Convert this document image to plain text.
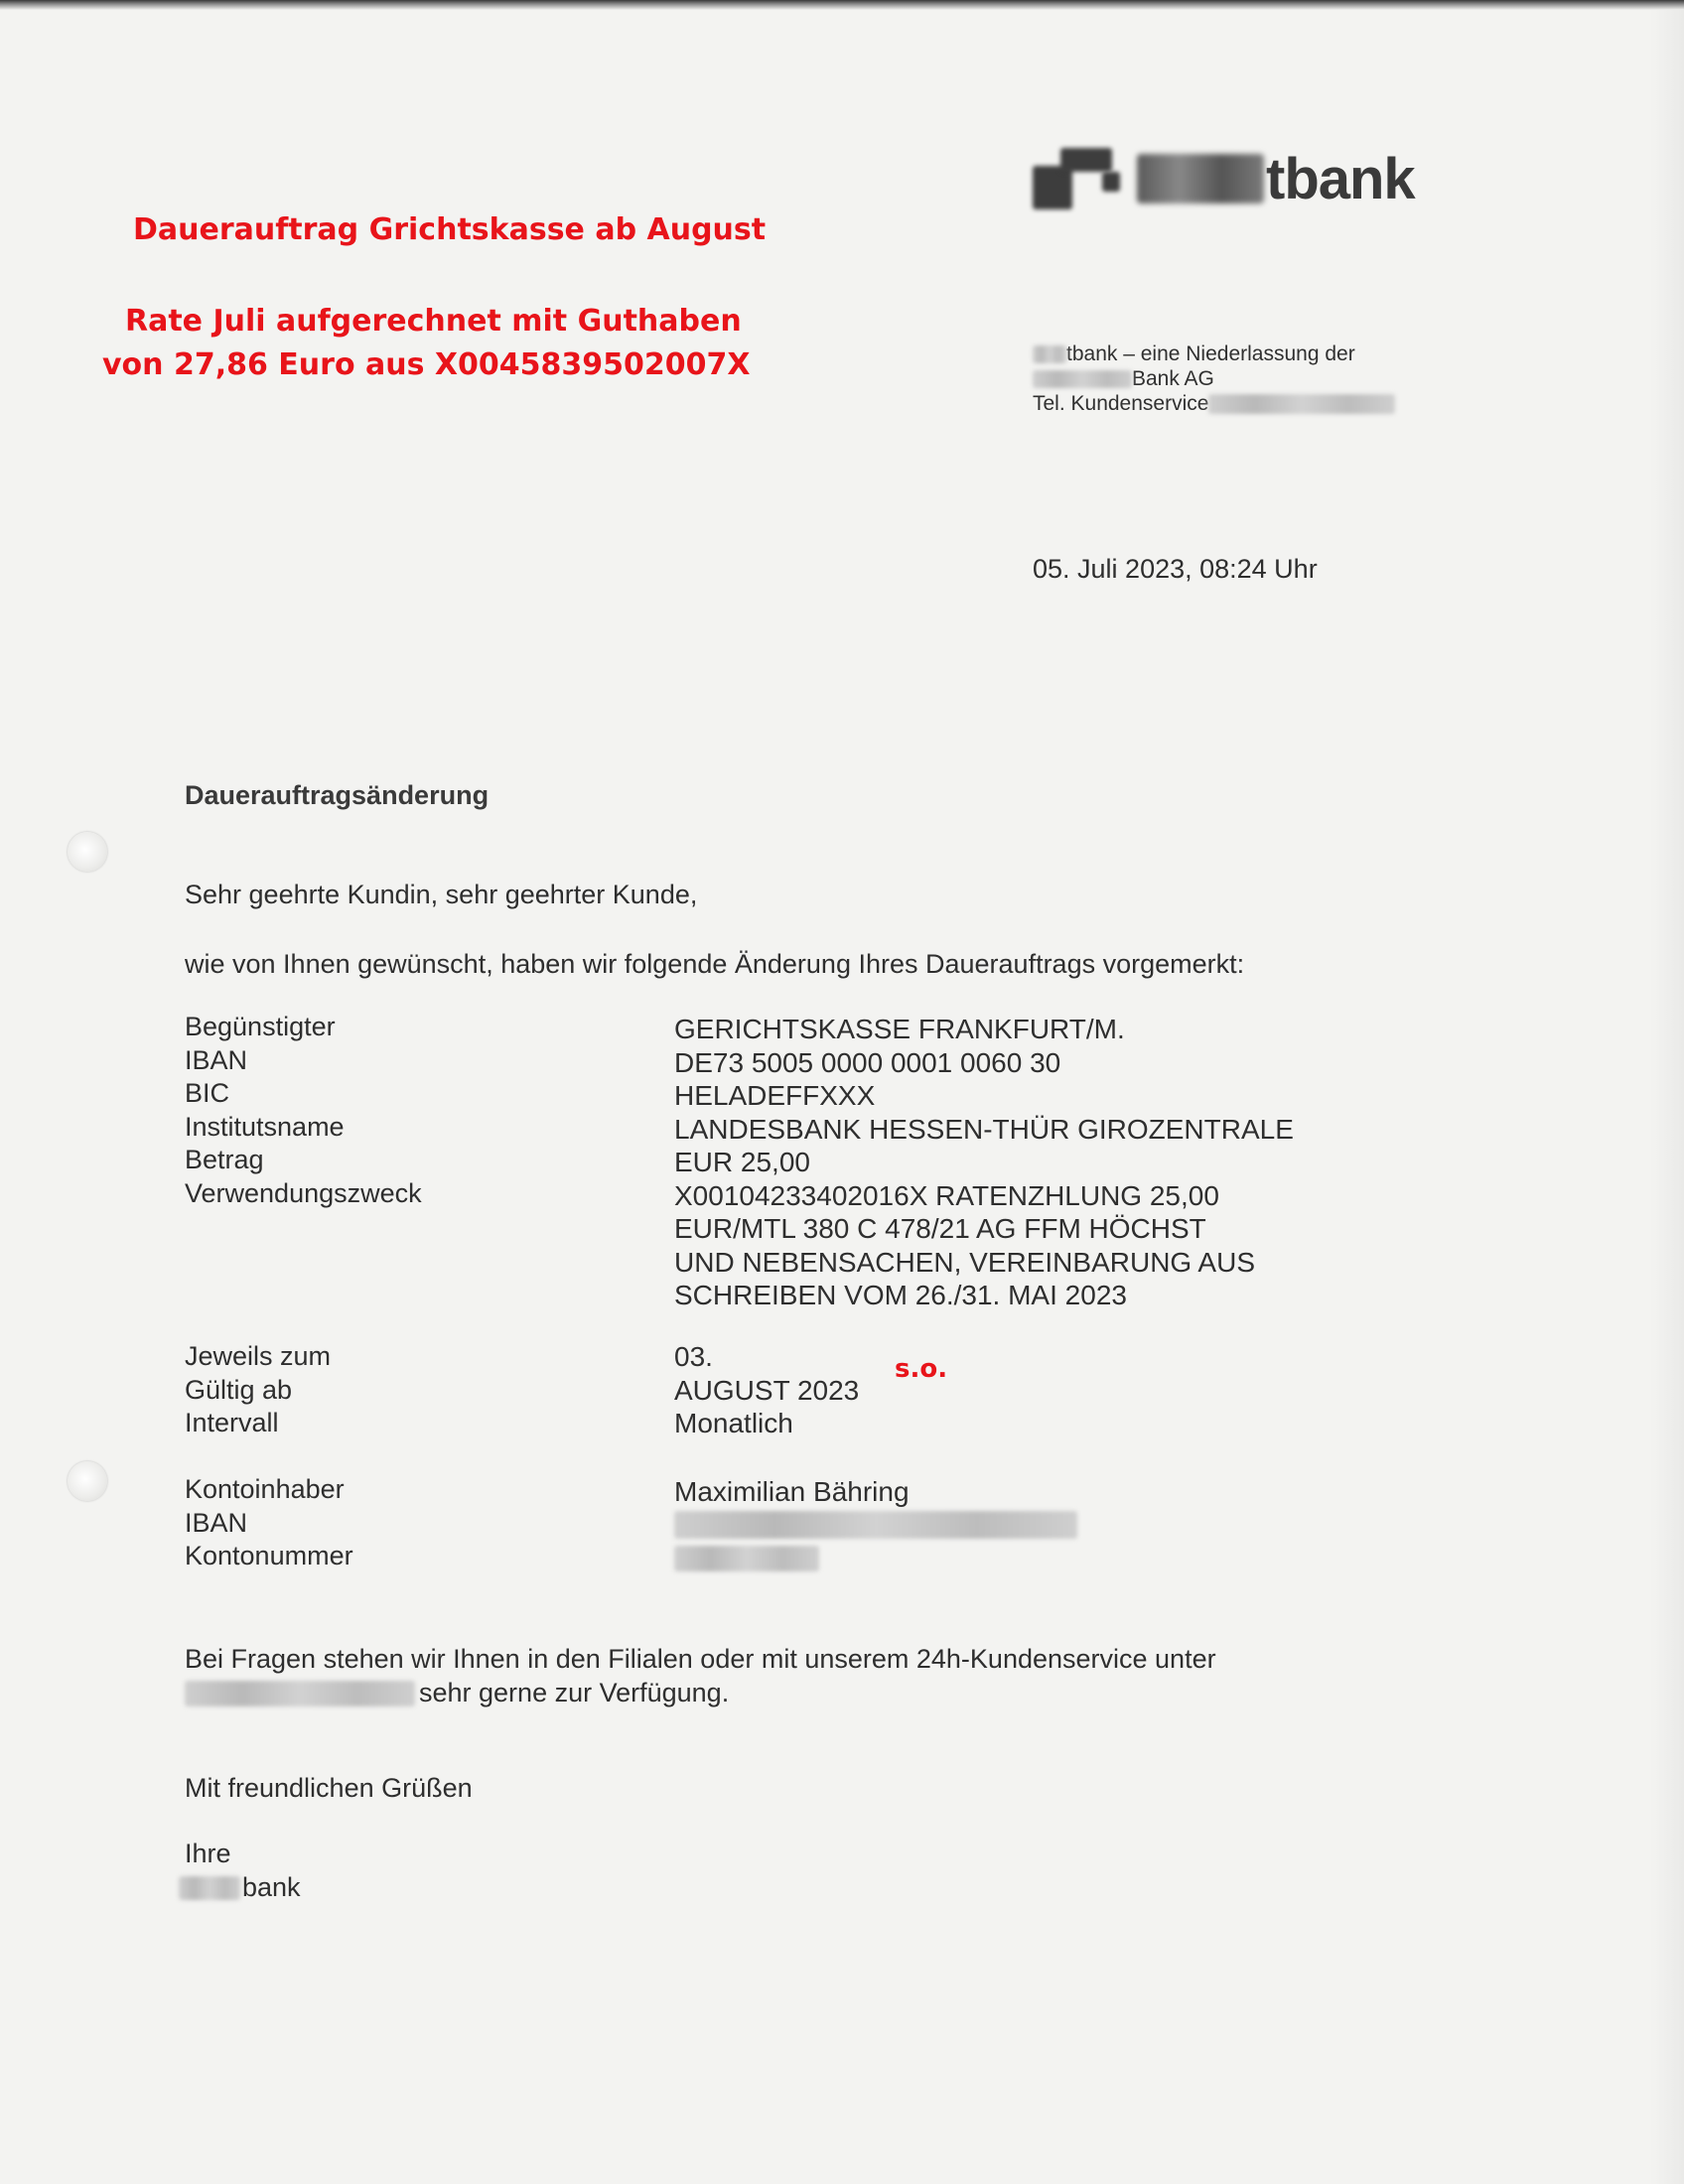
Dauerauftrag Grichtskasse ab August
Rate Juli aufgerechnet mit Guthaben
von 27,86 Euro aus X0045839502007X
s.o.
tbank
tbank – eine Niederlassung der
Bank AG
Tel. Kundenservice
05. Juli 2023, 08:24 Uhr
Dauerauftragsänderung
Sehr geehrte Kundin, sehr geehrter Kunde,
wie von Ihnen gewünscht, haben wir folgende Änderung Ihres Dauerauftrags vorgemerkt:
Begünstigter
IBAN
BIC
Institutsname
Betrag
Verwendungszweck
GERICHTSKASSE FRANKFURT/M.
DE73 5005 0000 0001 0060 30
HELADEFFXXX
LANDESBANK HESSEN-THÜR GIROZENTRALE
EUR 25,00
X00104233402016X RATENZHLUNG 25,00
EUR/MTL 380 C 478/21 AG FFM HÖCHST
UND NEBENSACHEN, VEREINBARUNG AUS
SCHREIBEN VOM 26./31. MAI 2023
Jeweils zum
Gültig ab
Intervall
03.
AUGUST 2023
Monatlich
Kontoinhaber
IBAN
Kontonummer
Maximilian Bähring
Bei Fragen stehen wir Ihnen in den Filialen oder mit unserem 24h-Kundenservice unter
sehr gerne zur Verfügung.
Mit freundlichen Grüßen
Ihre
bank
